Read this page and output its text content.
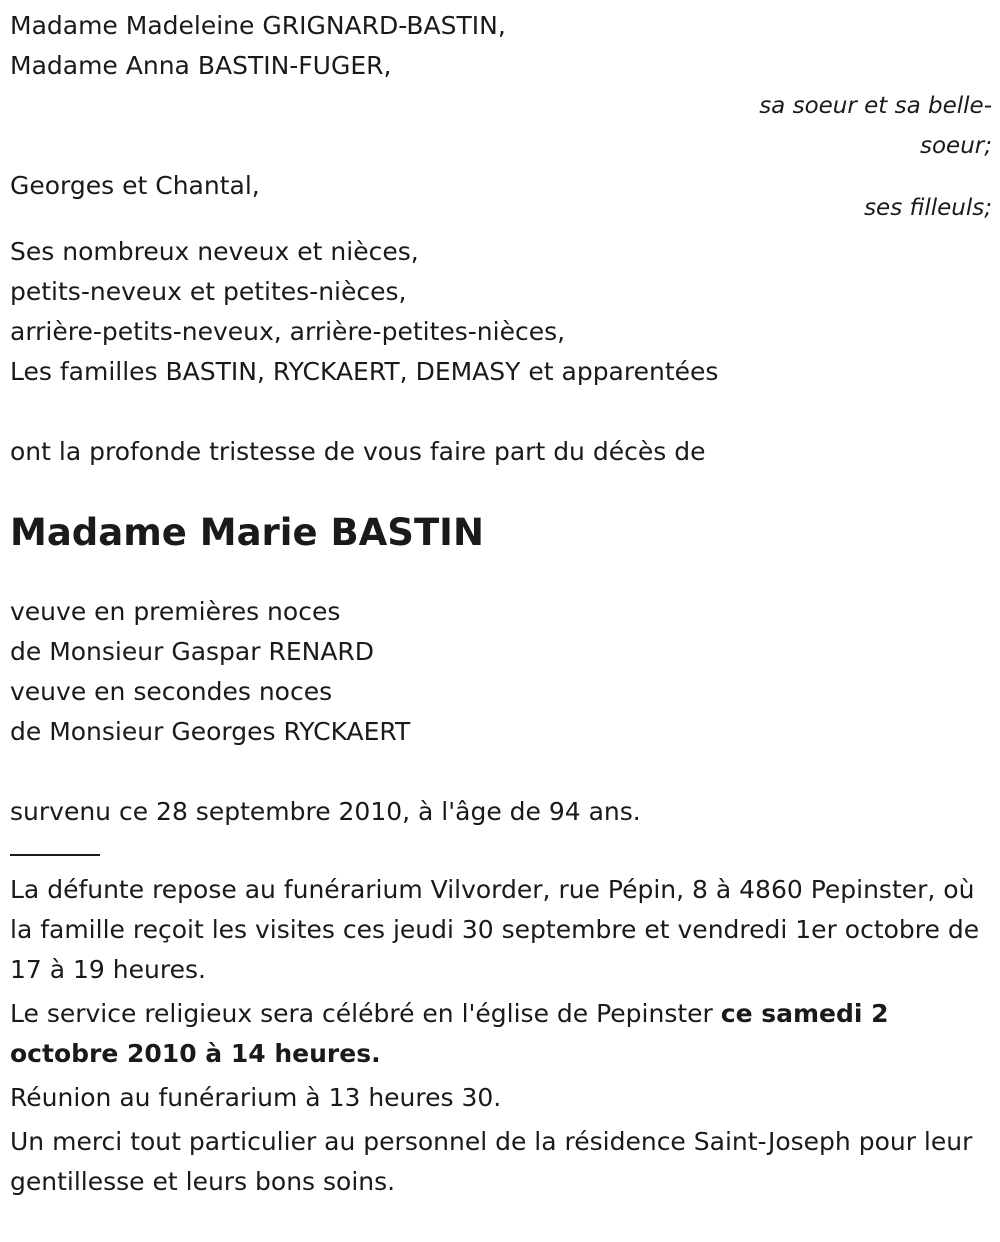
Madame Madeleine GRIGNARD-BASTIN,
Madame Anna BASTIN-FUGER,
sa soeur et sa belle-
soeur;
Georges et Chantal,
ses filleuls;
Ses nombreux neveux et nièces,
petits-neveux et petites-nièces,
arrière-petits-neveux, arrière-petites-nièces,
Les familles BASTIN, RYCKAERT, DEMASY et apparentées
ont la profonde tristesse de vous faire part du décès de
Madame Marie BASTIN
veuve en premières noces
de Monsieur Gaspar RENARD
veuve en secondes noces
de Monsieur Georges RYCKAERT
survenu ce 28 septembre 2010, à l'âge de 94 ans.
La défunte repose au funérarium Vilvorder, rue Pépin, 8 à 4860 Pepinster, où la famille reçoit les visites ces jeudi 30 septembre et vendredi 1er octobre de 17 à 19 heures.
Le service religieux sera célébré en l'église de Pepinster ce samedi 2 octobre 2010 à 14 heures.
Réunion au funérarium à 13 heures 30.
Un merci tout particulier au personnel de la résidence Saint-Joseph pour leur gentillesse et leurs bons soins.
